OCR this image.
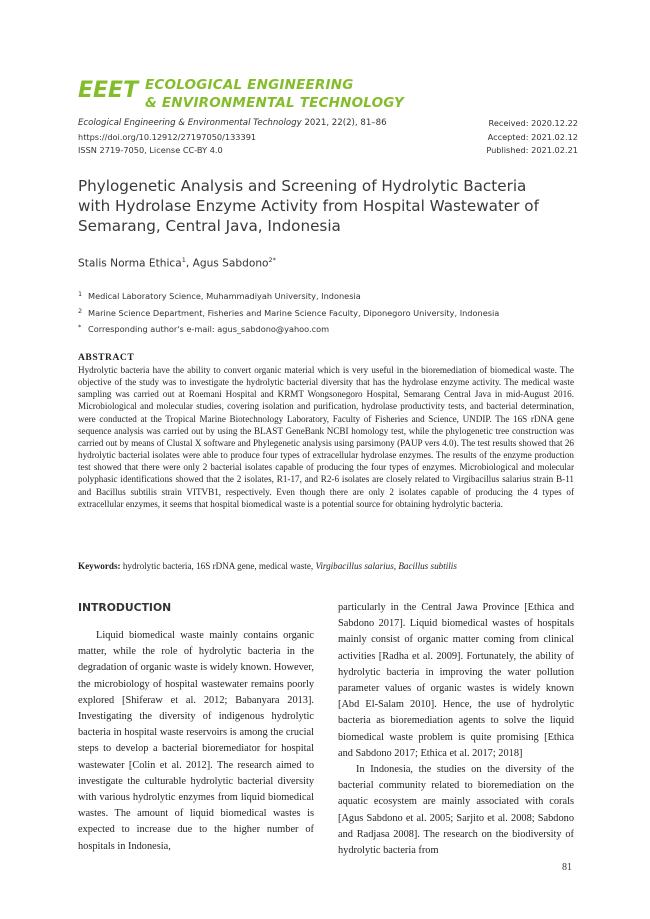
EEET ECOLOGICAL ENGINEERING
& ENVIRONMENTAL TECHNOLOGY
Ecological Engineering & Environmental Technology 2021, 22(2), 81–86
https://doi.org/10.12912/27197050/133391
ISSN 2719-7050, License CC-BY 4.0
Received: 2020.12.22
Accepted: 2021.02.12
Published: 2021.02.21
Phylogenetic Analysis and Screening of Hydrolytic Bacteria with Hydrolase Enzyme Activity from Hospital Wastewater of Semarang, Central Java, Indonesia
Stalis Norma Ethica$^1$, Agus Sabdono$^{2*}$
1 Medical Laboratory Science, Muhammadiyah University, Indonesia
2 Marine Science Department, Fisheries and Marine Science Faculty, Diponegoro University, Indonesia
* Corresponding author's e-mail: agus_sabdono@yahoo.com
ABSTRACT

Hydrolytic bacteria have the ability to convert organic material which is very useful in the bioremediation of biomedical waste. The objective of the study was to investigate the hydrolytic bacterial diversity that has the hydrolase enzyme activity. The medical waste sampling was carried out at Roemani Hospital and KRMT Wongsonegoro Hospital, Semarang Central Java in mid-August 2016. Microbiological and molecular studies, covering isolation and purification, hydrolase productivity tests, and bacterial determination, were conducted at the Tropical Marine Biotechnology Laboratory, Faculty of Fisheries and Science, UNDIP. The 16S rDNA gene sequence analysis was carried out by using the BLAST GeneBank NCBI homology test, while the phylogenetic tree construction was carried out by means of Clustal X software and Phylegenetic analysis using parsimony (PAUP vers 4.0). The test results showed that 26 hydrolytic bacterial isolates were able to produce four types of extracellular hydrolase enzymes. The results of the enzyme production test showed that there were only 2 bacterial isolates capable of producing the four types of enzymes. Microbiological and molecular polyphasic identifications showed that the 2 isolates, R1-17, and R2-6 isolates are closely related to Virgibacillus salarius strain B-11 and Bacillus subtilis strain VITVB1, respectively. Even though there are only 2 isolates capable of producing the 4 types of extracellular enzymes, it seems that hospital biomedical waste is a potential source for obtaining hydrolytic bacteria.

Keywords: hydrolytic bacteria, 16S rDNA gene, medical waste, Virgibacillus salarius, Bacillus subtilis
INTRODUCTION

Liquid biomedical waste mainly contains organic matter, while the role of hydrolytic bacteria in the degradation of organic waste is widely known. However, the microbiology of hospital wastewater remains poorly explored [Shiferaw et al. 2012; Babanyara 2013]. Investigating the diversity of indigenous hydrolytic bacteria in hospital waste reservoirs is among the crucial steps to develop a bacterial bioremediator for hospital wastewater [Colin et al. 2012]. The research aimed to investigate the culturable hydrolytic bacterial diversity with various hydrolytic enzymes from liquid biomedical wastes. The amount of liquid biomedical wastes is expected to increase due to the higher number of hospitals in Indonesia,

particularly in the Central Jawa Province [Ethica and Sabdono 2017]. Liquid biomedical wastes of hospitals mainly consist of organic matter coming from clinical activities [Radha et al. 2009]. Fortunately, the ability of hydrolytic bacteria in improving the water pollution parameter values of organic wastes is widely known [Abd El-Salam 2010]. Hence, the use of hydrolytic bacteria as bioremediation agents to solve the liquid biomedical waste problem is quite promising [Ethica and Sabdono 2017; Ethica et al. 2017; 2018]
In Indonesia, the studies on the diversity of the bacterial community related to bioremediation on the aquatic ecosystem are mainly associated with corals [Agus Sabdono et al. 2005; Sarjito et al. 2008; Sabdono and Radjasa 2008]. The research on the biodiversity of hydrolytic bacteria from
81
